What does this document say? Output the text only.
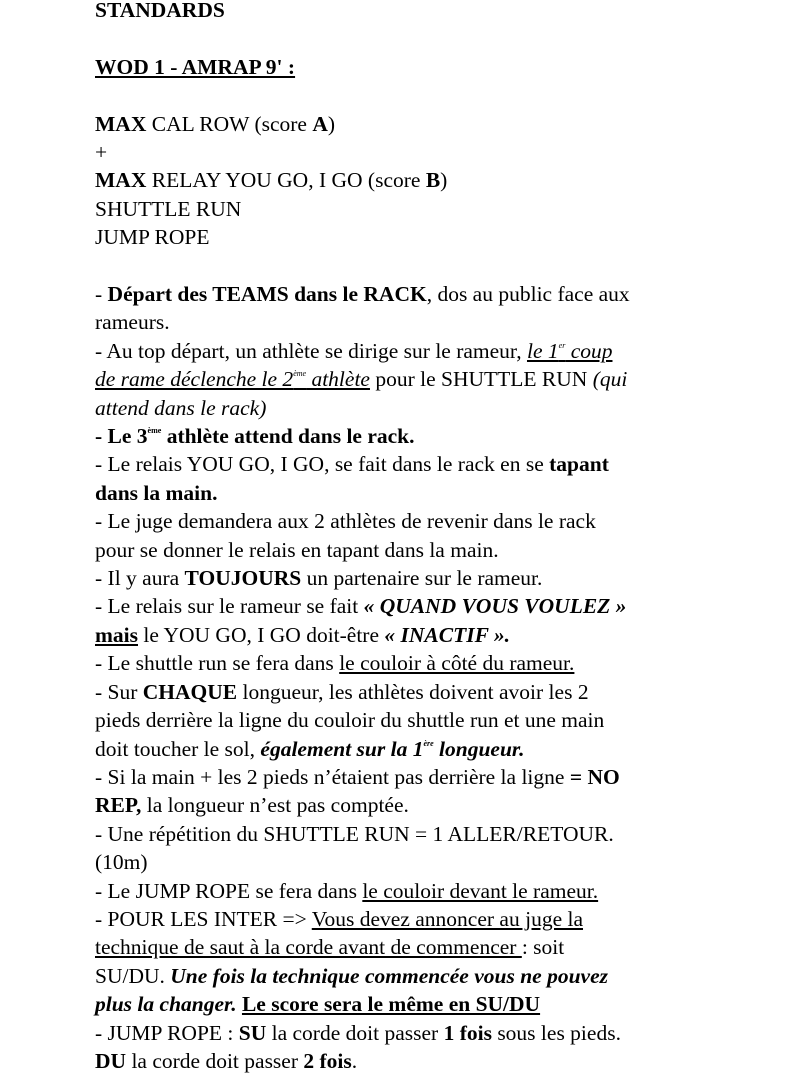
STANDARDS

WOD 1 - AMRAP 9' :

MAX CAL ROW (score A)

+

MAX RELAY YOU GO, I GO (score B)

SHUTTLE RUN

JUMP ROPE

- Départ des TEAMS dans le RACK, dos au public face aux

rameurs.

- Au top départ, un athlète se dirige sur le rameur, le 1er coup

de rame déclenche le 2ème athlète pour le SHUTTLE RUN (qui

attend dans le rack)

- Le 3ème athlète attend dans le rack.

- Le relais YOU GO, I GO, se fait dans le rack en se tapant

dans la main.

- Le juge demandera aux 2 athlètes de revenir dans le rack

pour se donner le relais en tapant dans la main.

- Il y aura TOUJOURS un partenaire sur le rameur.

- Le relais sur le rameur se fait « QUAND VOUS VOULEZ »

mais le YOU GO, I GO doit-être « INACTIF ».

- Le shuttle run se fera dans le couloir à côté du rameur.

- Sur CHAQUE longueur, les athlètes doivent avoir les 2

pieds derrière la ligne du couloir du shuttle run et une main

doit toucher le sol, également sur la 1ère longueur.

- Si la main + les 2 pieds n’étaient pas derrière la ligne = NO

REP, la longueur n’est pas comptée.

- Une répétition du SHUTTLE RUN = 1 ALLER/RETOUR.

(10m)

- Le JUMP ROPE se fera dans le couloir devant le rameur.

- POUR LES INTER => Vous devez annoncer au juge la

technique de saut à la corde avant de commencer : soit

SU/DU. Une fois la technique commencée vous ne pouvez

plus la changer. Le score sera le même en SU/DU

- JUMP ROPE : SU la corde doit passer 1 fois sous les pieds.

DU la corde doit passer 2 fois.
